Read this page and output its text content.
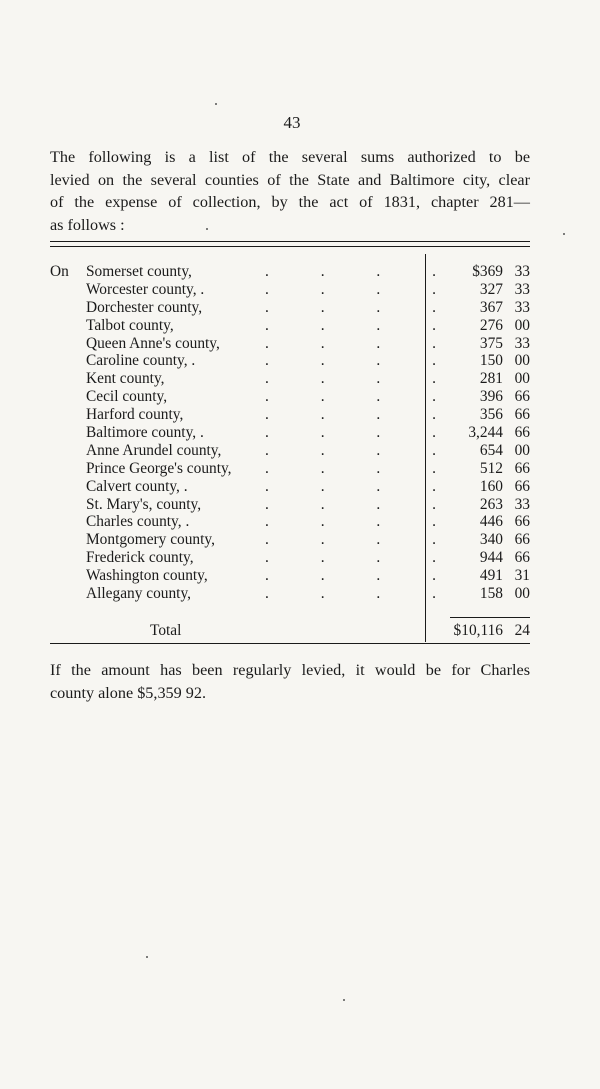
43
The following is a list of the several sums authorized to be
levied on the several counties of the State and Baltimore city, clear
of the expense of collection, by the act of 1831, chapter 281—
as follows :
On Somerset county,	. . . . $369 33
Worcester county, .	. . . . 327 33
Dorchester county,	. . . . 367 33
Talbot county,	. . . . 276 00
Queen Anne's county,	. . . . 375 33
Caroline county, .	. . . . 150 00
Kent county,	. . . . 281 00
Cecil county,	. . . . 396 66
Harford county,	. . . . 356 66
Baltimore county, .	. . . . 3,244 66
Anne Arundel county,	. . . . 654 00
Prince George's county, . . . . 512 66
Calvert county, .	. . . . 160 66
St. Mary's, county,	. . . . 263 33
Charles county, .	. . . . 446 66
Montgomery county,	. . . . 340 66
Frederick county,	. . . . 944 66
Washington county,	. . . . 491 31
Allegany county,	. . . . 158 00
Total	$10,116 24
If the amount has been regularly levied, it would be for Charles
county alone $5,359 92.
